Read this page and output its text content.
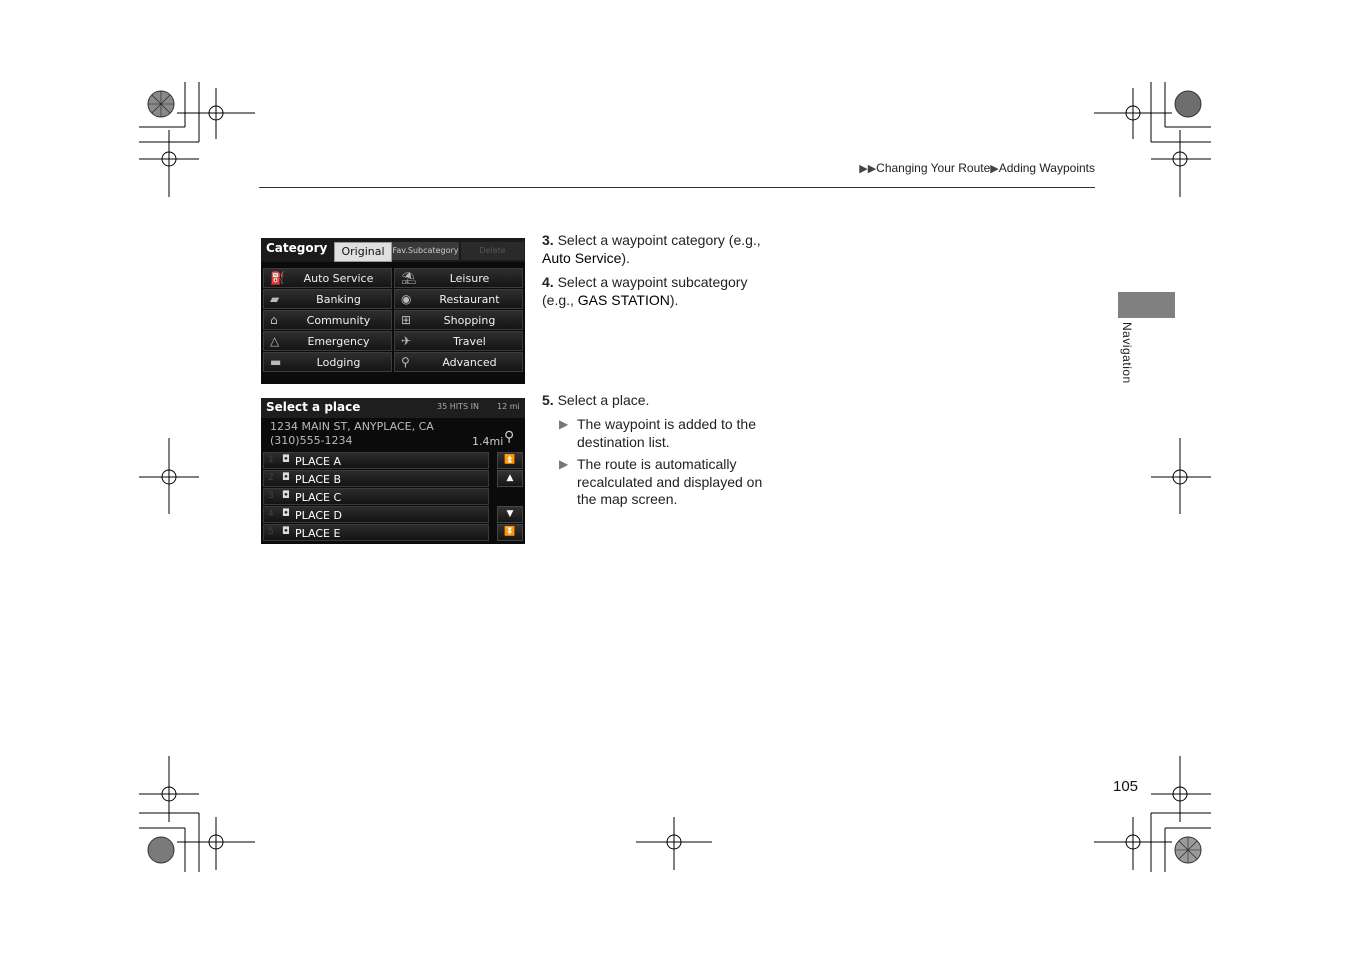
▶▶Changing Your Route▶Adding Waypoints
Navigation
Category	Original Fav.Subcategory	Delete
⛽	Auto Service	⛱	Leisure
▰	Banking	◉	Restaurant
⌂	Community	⊞	Shopping
△	Emergency	✈	Travel
▬	Lodging	⚲	Advanced
Select a place	35 HITS IN 12 mi
1234 MAIN ST, ANYPLACE, CA
(310)555-1234	1.4mi ⚲
1 ◘ PLACE A
2 ◘ PLACE B
3 ◘ PLACE C
4 ◘ PLACE D
5 ◘ PLACE E
⏫
▲
▼
⏬
3. Select a waypoint category (e.g., Auto Service).
4. Select a waypoint subcategory (e.g., GAS STATION).
5. Select a place.
▶ The waypoint is added to the destination list.
▶ The route is automatically recalculated and displayed on the map screen.
105
